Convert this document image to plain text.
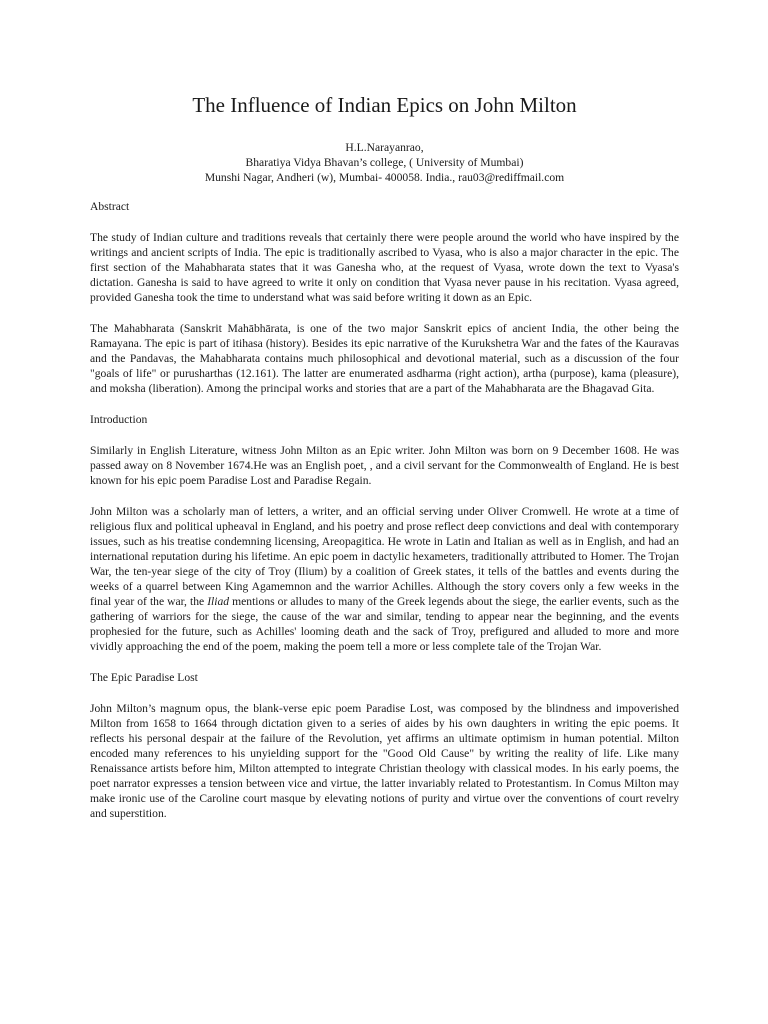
The Influence of Indian Epics on John Milton
H.L.Narayanrao,
Bharatiya Vidya Bhavan’s college, ( University of Mumbai)
Munshi Nagar, Andheri (w), Mumbai- 400058. India., rau03@rediffmail.com

Abstract

The study of Indian culture and traditions reveals that certainly there were people around the world who have inspired by the writings and ancient scripts of India. The epic is traditionally ascribed to Vyasa, who is also a major character in the epic. The first section of the Mahabharata states that it was Ganesha who, at the request of Vyasa, wrote down the text to Vyasa's dictation. Ganesha is said to have agreed to write it only on condition that Vyasa never pause in his recitation. Vyasa agreed, provided Ganesha took the time to understand what was said before writing it down as an Epic.

The Mahabharata (Sanskrit Mahābhārata, is one of the two major Sanskrit epics of ancient India, the other being the Ramayana. The epic is part of itihasa (history). Besides its epic narrative of the Kurukshetra War and the fates of the Kauravas and the Pandavas, the Mahabharata contains much philosophical and devotional material, such as a discussion of the four "goals of life" or purusharthas (12.161). The latter are enumerated asdharma (right action), artha (purpose), kama (pleasure), and moksha (liberation). Among the principal works and stories that are a part of the Mahabharata are the Bhagavad Gita.

Introduction

Similarly in English Literature, witness John Milton as an Epic writer. John Milton was born on 9 December 1608. He was passed away on 8 November 1674.He was an English poet, , and a civil servant for the Commonwealth of England. He is best known for his epic poem Paradise Lost and Paradise Regain.

John Milton was a scholarly man of letters, a writer, and an official serving under Oliver Cromwell. He wrote at a time of religious flux and political upheaval in England, and his poetry and prose reflect deep convictions and deal with contemporary issues, such as his treatise condemning licensing, Areopagitica. He wrote in Latin and Italian as well as in English, and had an international reputation during his lifetime. An epic poem in dactylic hexameters, traditionally attributed to Homer. The Trojan War, the ten-year siege of the city of Troy (Ilium) by a coalition of Greek states, it tells of the battles and events during the weeks of a quarrel between King Agamemnon and the warrior Achilles. Although the story covers only a few weeks in the final year of the war, the Iliad mentions or alludes to many of the Greek legends about the siege, the earlier events, such as the gathering of warriors for the siege, the cause of the war and similar, tending to appear near the beginning, and the events prophesied for the future, such as Achilles' looming death and the sack of Troy, prefigured and alluded to more and more vividly approaching the end of the poem, making the poem tell a more or less complete tale of the Trojan War.

The Epic Paradise Lost

John Milton’s magnum opus, the blank-verse epic poem Paradise Lost, was composed by the blindness and impoverished Milton from 1658 to 1664 through dictation given to a series of aides by his own daughters in writing the epic poems. It reflects his personal despair at the failure of the Revolution, yet affirms an ultimate optimism in human potential. Milton encoded many references to his unyielding support for the "Good Old Cause" by writing the reality of life. Like many Renaissance artists before him, Milton attempted to integrate Christian theology with classical modes. In his early poems, the poet narrator expresses a tension between vice and virtue, the latter invariably related to Protestantism. In Comus Milton may make ironic use of the Caroline court masque by elevating notions of purity and virtue over the conventions of court revelry and superstition.
